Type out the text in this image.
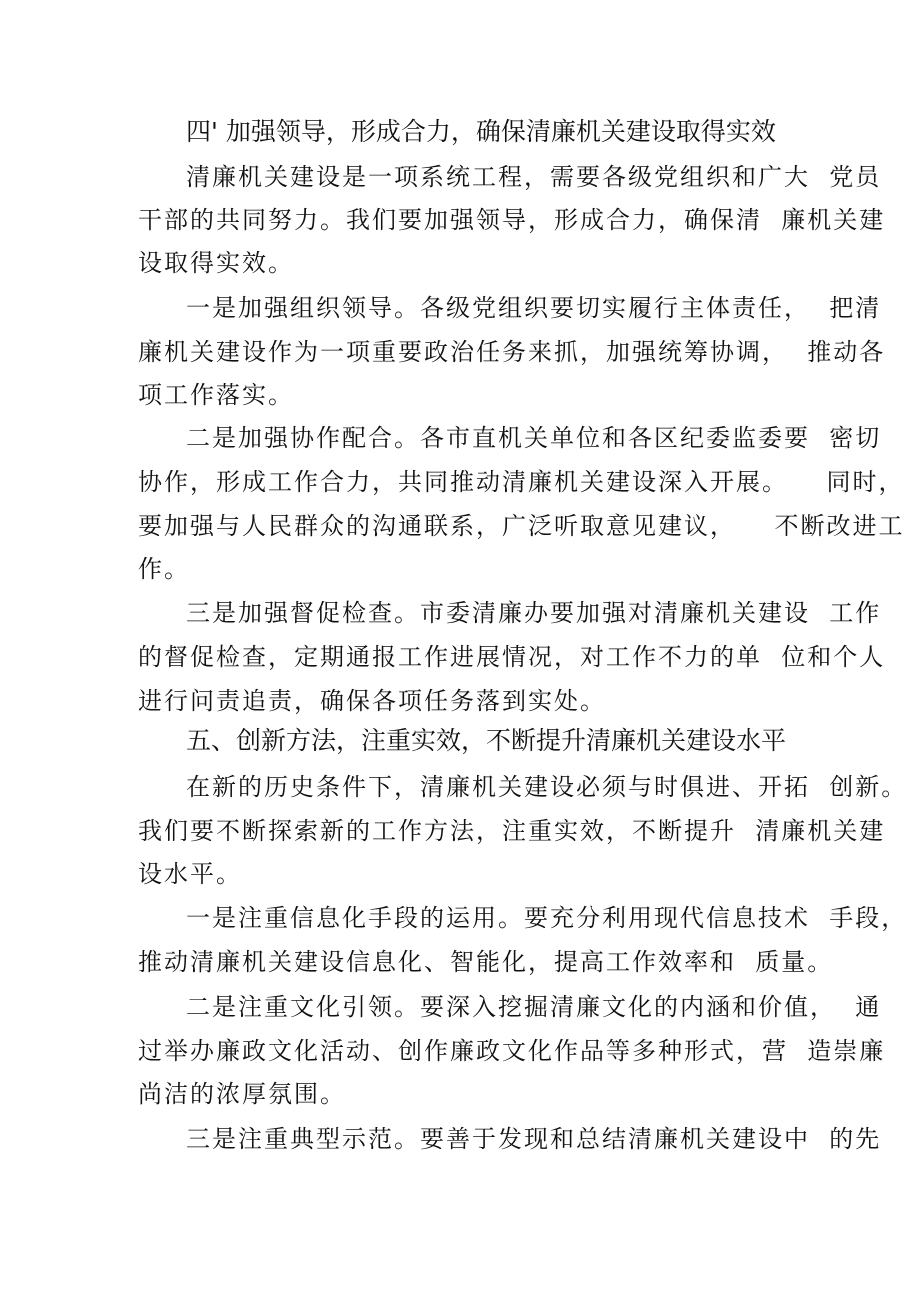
四' 加强领导，形成合力，确保清廉机关建设取得实效
清廉机关建设是一项系统工程，需要各级党组织和广大  党员
干部的共同努力。我们要加强领导，形成合力，确保清  廉机关建
设取得实效。
一是加强组织领导。各级党组织要切实履行主体责任，  把清
廉机关建设作为一项重要政治任务来抓，加强统筹协调，  推动各
项工作落实。
二是加强协作配合。各市直机关单位和各区纪委监委要  密切
协作，形成工作合力，共同推动清廉机关建设深入开展。    同时，
要加强与人民群众的沟通联系，广泛听取意见建议，    不断改进工
作。
三是加强督促检查。市委清廉办要加强对清廉机关建设  工作
的督促检查，定期通报工作进展情况，对工作不力的单  位和个人
进行问责追责，确保各项任务落到实处。
五、创新方法，注重实效，不断提升清廉机关建设水平
在新的历史条件下，清廉机关建设必须与时俱进、开拓  创新。
我们要不断探索新的工作方法，注重实效，不断提升  清廉机关建
设水平。
一是注重信息化手段的运用。要充分利用现代信息技术  手段，
推动清廉机关建设信息化、智能化，提高工作效率和  质量。
二是注重文化引领。要深入挖掘清廉文化的内涵和价值，  通
过举办廉政文化活动、创作廉政文化作品等多种形式，营  造崇廉
尚洁的浓厚氛围。
三是注重典型示范。要善于发现和总结清廉机关建设中  的先
